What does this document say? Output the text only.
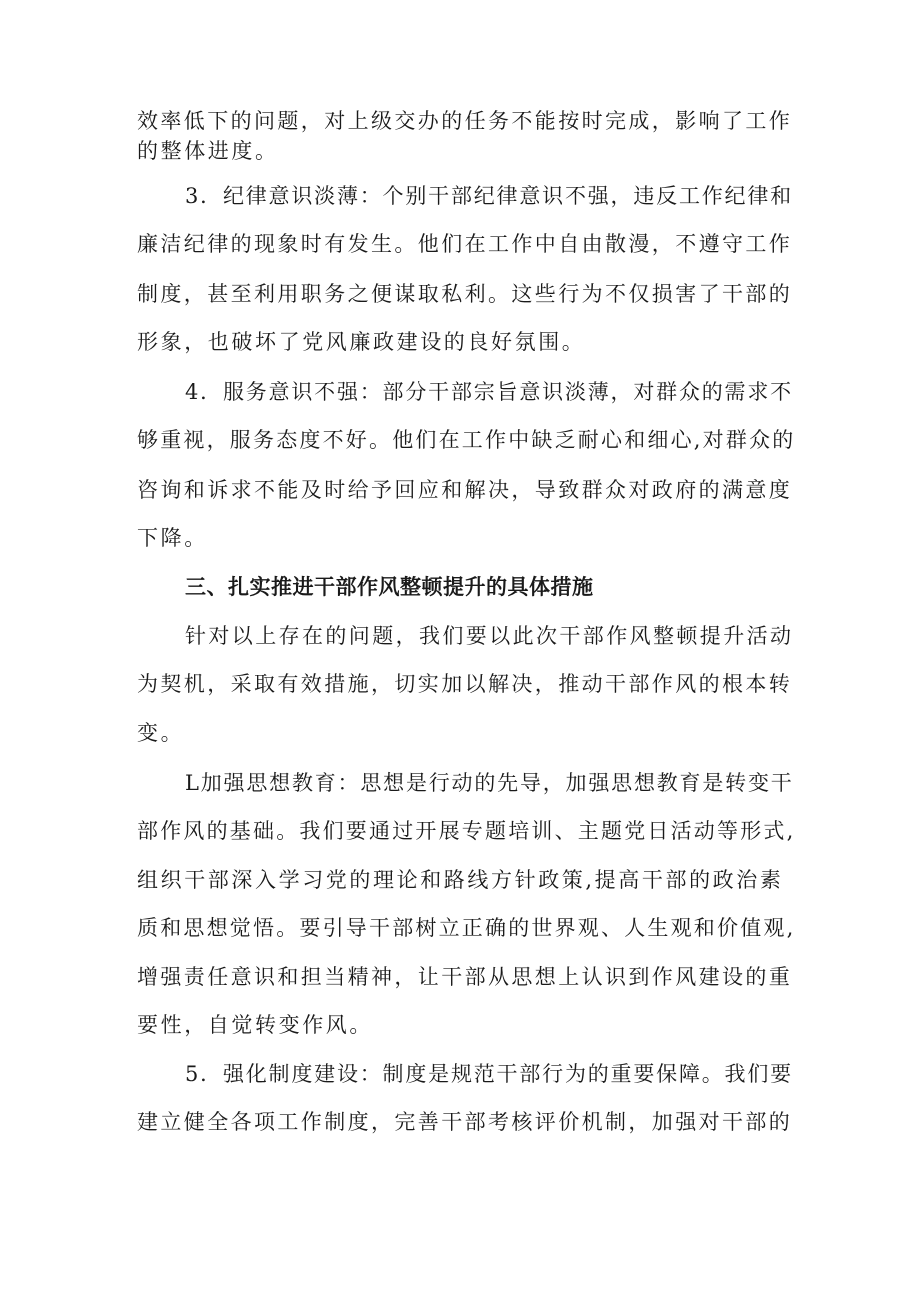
效率低下的问题，对上级交办的任务不能按时完成，影响了工作

的整体进度。

3．纪律意识淡薄：个别干部纪律意识不强，违反工作纪律和

廉洁纪律的现象时有发生。他们在工作中自由散漫，不遵守工作

制度，甚至利用职务之便谋取私利。这些行为不仅损害了干部的

形象，也破坏了党风廉政建设的良好氛围。

4．服务意识不强：部分干部宗旨意识淡薄，对群众的需求不

够重视，服务态度不好。他们在工作中缺乏耐心和细心,对群众的

咨询和诉求不能及时给予回应和解决，导致群众对政府的满意度

下降。

三、扎实推进干部作风整顿提升的具体措施

针对以上存在的问题，我们要以此次干部作风整顿提升活动

为契机，采取有效措施，切实加以解决，推动干部作风的根本转

变。

L加强思想教育：思想是行动的先导，加强思想教育是转变干

部作风的基础。我们要通过开展专题培训、主题党日活动等形式,

组织干部深入学习党的理论和路线方针政策,提高干部的政治素

质和思想觉悟。要引导干部树立正确的世界观、人生观和价值观,

增强责任意识和担当精神，让干部从思想上认识到作风建设的重

要性，自觉转变作风。

5．强化制度建设：制度是规范干部行为的重要保障。我们要

建立健全各项工作制度，完善干部考核评价机制，加强对干部的
